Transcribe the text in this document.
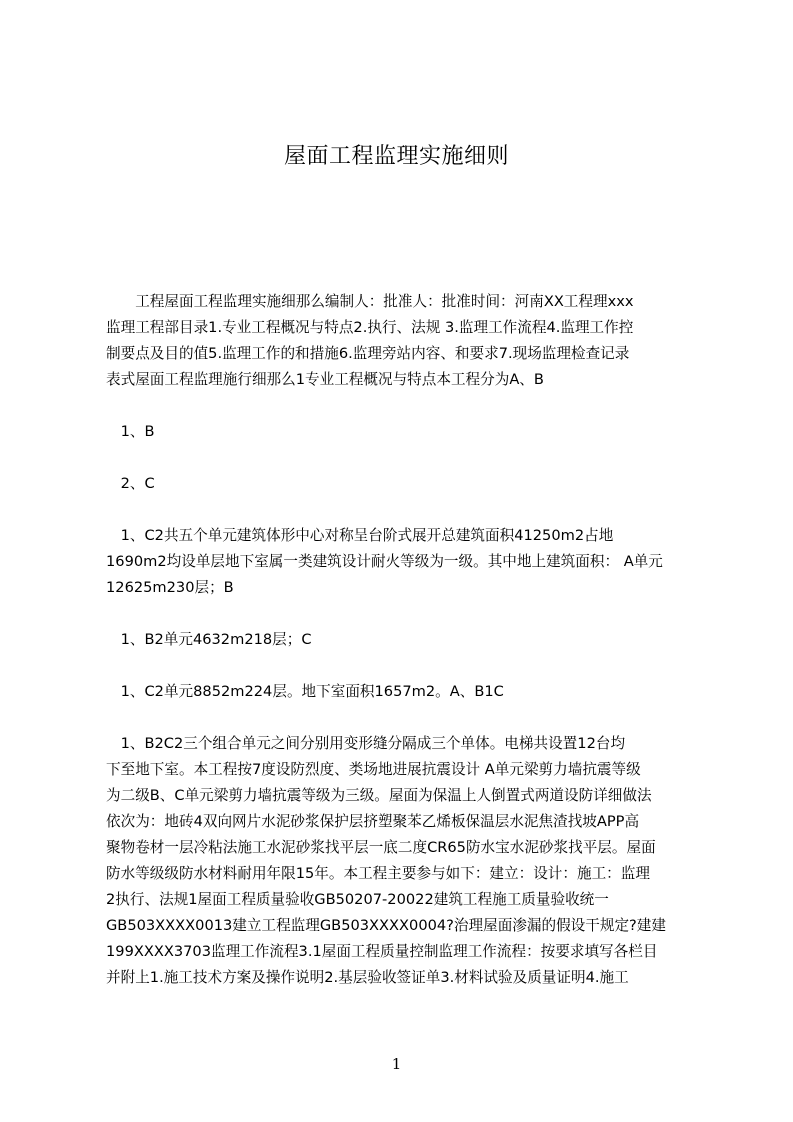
屋面工程监理实施细则
　　工程屋面工程监理实施细那么编制人：批准人：批准时间：河南XX工程理xxx
监理工程部目录1.专业工程概况与特点2.执行、法规 3.监理工作流程4.监理工作控
制要点及目的值5.监理工作的和措施6.监理旁站内容、和要求7.现场监理检查记录
表式屋面工程监理施行细那么1专业工程概况与特点本工程分为A、B
　1、B
　2、C
　1、C2共五个单元建筑体形中心对称呈台阶式展开总建筑面积41250m2占地
1690m2均设单层地下室属一类建筑设计耐火等级为一级。其中地上建筑面积： A单元
12625m230层；B
　1、B2单元4632m218层；C
　1、C2单元8852m224层。地下室面积1657m2。A、B1C
　1、B2C2三个组合单元之间分别用变形缝分隔成三个单体。电梯共设置12台均
下至地下室。本工程按7度设防烈度、类场地进展抗震设计 A单元梁剪力墙抗震等级
为二级B、C单元梁剪力墙抗震等级为三级。屋面为保温上人倒置式两道设防详细做法
依次为：地砖4双向网片水泥砂浆保护层挤塑聚苯乙烯板保温层水泥焦渣找坡APP高
聚物卷材一层冷粘法施工水泥砂浆找平层一底二度CR65防水宝水泥砂浆找平层。屋面
防水等级级防水材料耐用年限15年。本工程主要参与如下：建立：设计：施工：监理
2执行、法规1屋面工程质量验收GB50207-20022建筑工程施工质量验收统一
GB503XXXX0013建立工程监理GB503XXXX0004?治理屋面渗漏的假设干规定?建建
199XXXX3703监理工作流程3.1屋面工程质量控制监理工作流程：按要求填写各栏目
并附上1.施工技术方案及操作说明2.基层验收签证单3.材料试验及质量证明4.施工
1
